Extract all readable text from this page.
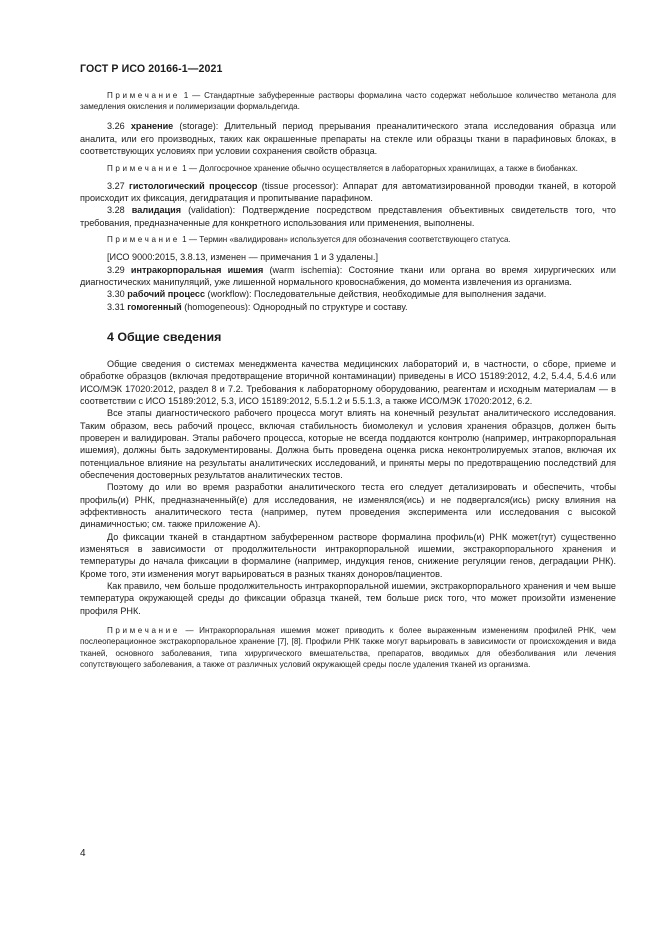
ГОСТ Р ИСО 20166-1—2021

Примечание 1 — Стандартные забуференные растворы формалина часто содержат небольшое количество метанола для замедления окисления и полимеризации формальдегида.

3.26 хранение (storage): Длительный период прерывания преаналитического этапа исследования образца или аналита, или его производных, таких как окрашенные препараты на стекле или образцы ткани в парафиновых блоках, в соответствующих условиях при условии сохранения свойств образца.

Примечание 1 — Долгосрочное хранение обычно осуществляется в лабораторных хранилищах, а также в биобанках.

3.27 гистологический процессор (tissue processor): Аппарат для автоматизированной проводки тканей, в которой происходит их фиксация, дегидратация и пропитывание парафином.

3.28 валидация (validation): Подтверждение посредством представления объективных свидетельств того, что требования, предназначенные для конкретного использования или применения, выполнены.

Примечание 1 — Термин «валидирован» используется для обозначения соответствующего статуса.

[ИСО 9000:2015, 3.8.13, изменен — примечания 1 и 3 удалены.]

3.29 интракорпоральная ишемия (warm ischemia): Состояние ткани или органа во время хирургических или диагностических манипуляций, уже лишенной нормального кровоснабжения, до момента извлечения из организма.

3.30 рабочий процесс (workflow): Последовательные действия, необходимые для выполнения задачи.

3.31 гомогенный (homogeneous): Однородный по структуре и составу.

4 Общие сведения

Общие сведения о системах менеджмента качества медицинских лабораторий и, в частности, о сборе, приеме и обработке образцов (включая предотвращение вторичной контаминации) приведены в ИСО 15189:2012, 4.2, 5.4.4, 5.4.6 или ИСО/МЭК 17020:2012, раздел 8 и 7.2. Требования к лабораторному оборудованию, реагентам и исходным материалам — в соответствии с ИСО 15189:2012, 5.3, ИСО 15189:2012, 5.5.1.2 и 5.5.1.3, а также ИСО/МЭК 17020:2012, 6.2.

Все этапы диагностического рабочего процесса могут влиять на конечный результат аналитического исследования. Таким образом, весь рабочий процесс, включая стабильность биомолекул и условия хранения образцов, должен быть проверен и валидирован. Этапы рабочего процесса, которые не всегда поддаются контролю (например, интракорпоральная ишемия), должны быть задокументированы. Должна быть проведена оценка риска неконтролируемых этапов, включая их потенциальное влияние на результаты аналитических исследований, и приняты меры по предотвращению последствий для обеспечения достоверных результатов аналитических тестов.

Поэтому до или во время разработки аналитического теста его следует детализировать и обеспечить, чтобы профиль(и) РНК, предназначенный(е) для исследования, не изменялся(ись) и не подвергался(ись) риску влияния на эффективность аналитического теста (например, путем проведения эксперимента или исследования с высокой динамичностью; см. также приложение А).

До фиксации тканей в стандартном забуференном растворе формалина профиль(и) РНК может(гут) существенно изменяться в зависимости от продолжительности интракорпоральной ишемии, экстракорпорального хранения и температуры до начала фиксации в формалине (например, индукция генов, снижение регуляции генов, деградации РНК). Кроме того, эти изменения могут варьироваться в разных тканях доноров/пациентов.

Как правило, чем больше продолжительность интракорпоральной ишемии, экстракорпорального хранения и чем выше температура окружающей среды до фиксации образца тканей, тем больше риск того, что может произойти изменение профиля РНК.

Примечание — Интракорпоральная ишемия может приводить к более выраженным изменениям профилей РНК, чем послеоперационное экстракорпоральное хранение [7], [8]. Профили РНК также могут варьировать в зависимости от происхождения и вида тканей, основного заболевания, типа хирургического вмешательства, препаратов, вводимых для обезболивания или лечения сопутствующего заболевания, а также от различных условий окружающей среды после удаления тканей из организма.

4
